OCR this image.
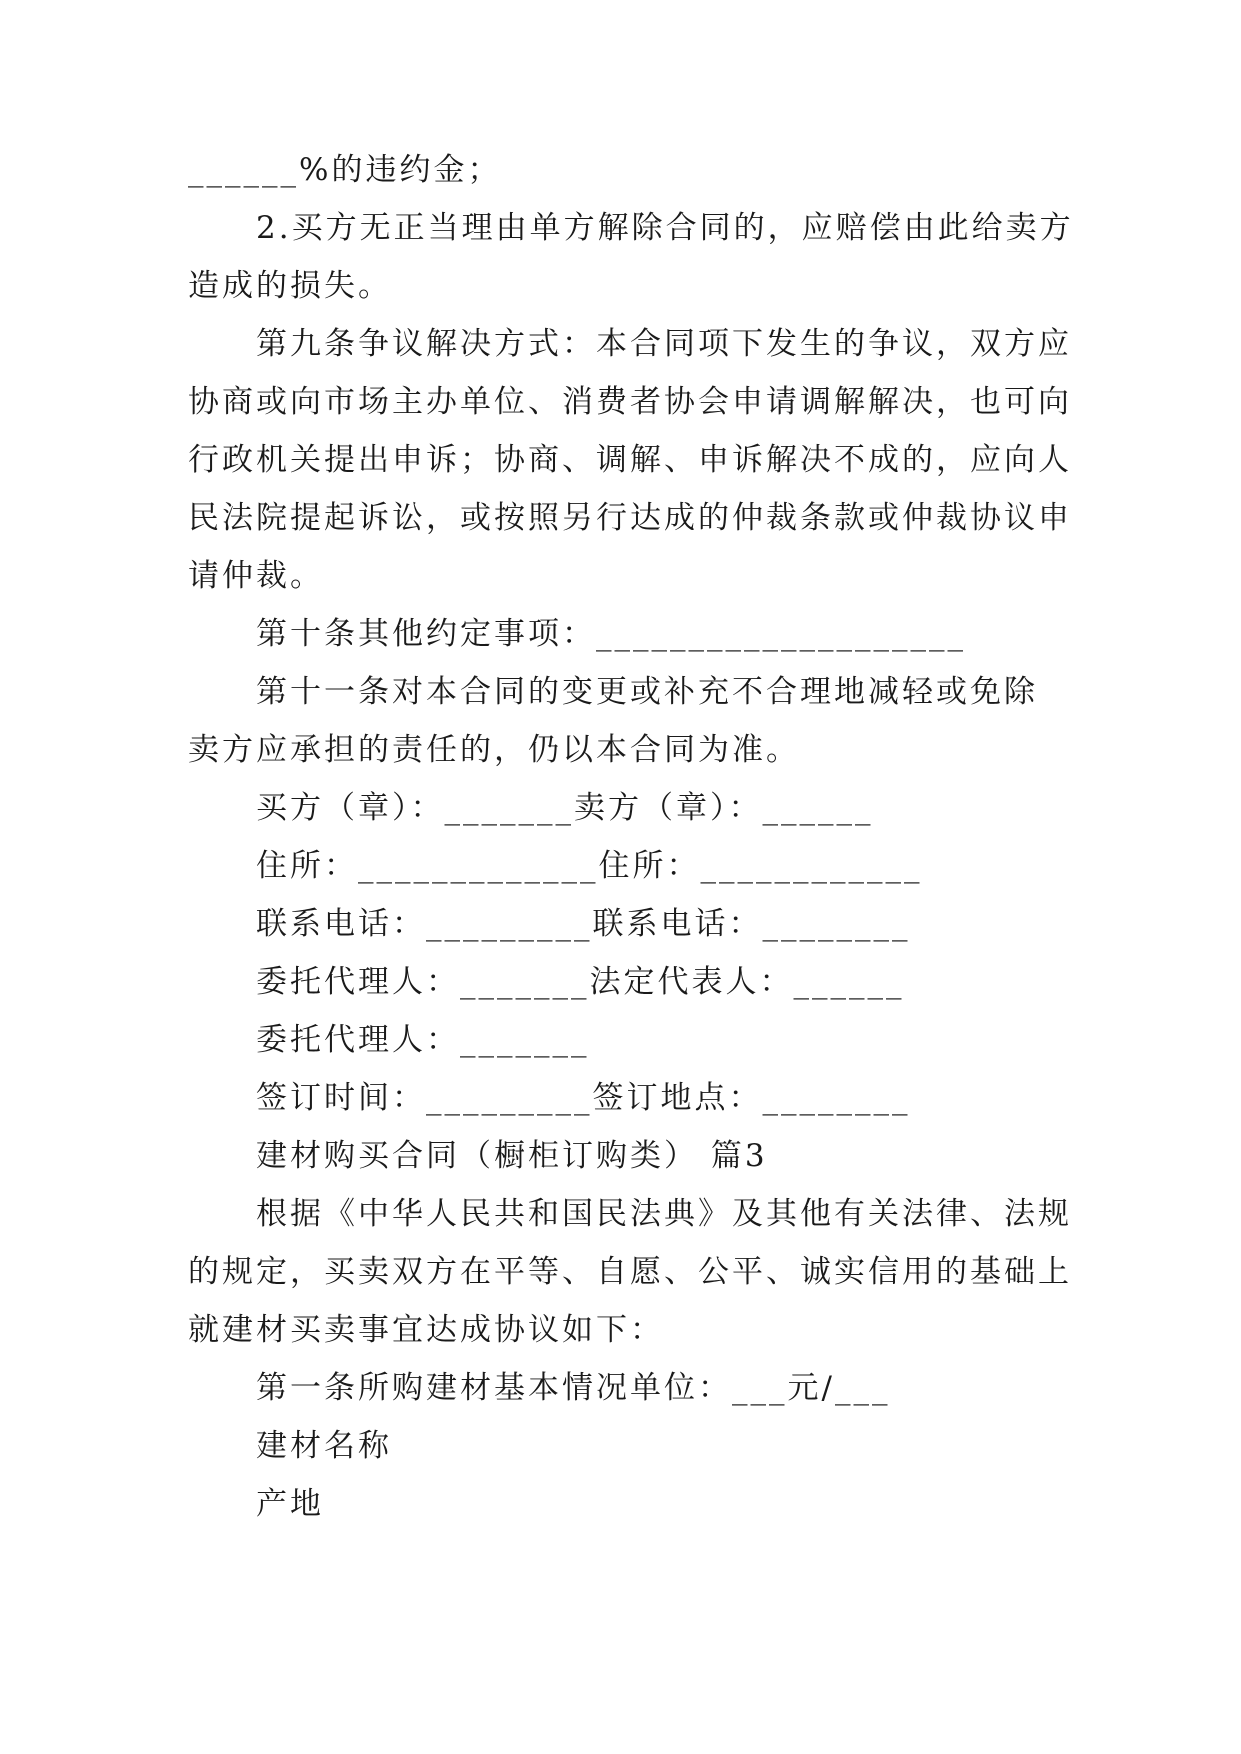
______%的违约金；
2.买方无正当理由单方解除合同的，应赔偿由此给卖方
造成的损失。
第九条争议解决方式：本合同项下发生的争议，双方应
协商或向市场主办单位、消费者协会申请调解解决，也可向
行政机关提出申诉；协商、调解、申诉解决不成的，应向人
民法院提起诉讼，或按照另行达成的仲裁条款或仲裁协议申
请仲裁。
第十条其他约定事项：____________________
第十一条对本合同的变更或补充不合理地减轻或免除
卖方应承担的责任的，仍以本合同为准。
买方（章）：_______卖方（章）：______
住所：_____________住所：____________
联系电话：_________联系电话：________
委托代理人：_______法定代表人：______
委托代理人：_______
签订时间：_________签订地点：________
建材购买合同（橱柜订购类） 篇3
根据《中华人民共和国民法典》及其他有关法律、法规
的规定，买卖双方在平等、自愿、公平、诚实信用的基础上
就建材买卖事宜达成协议如下：
第一条所购建材基本情况单位：___元/___
建材名称
产地
